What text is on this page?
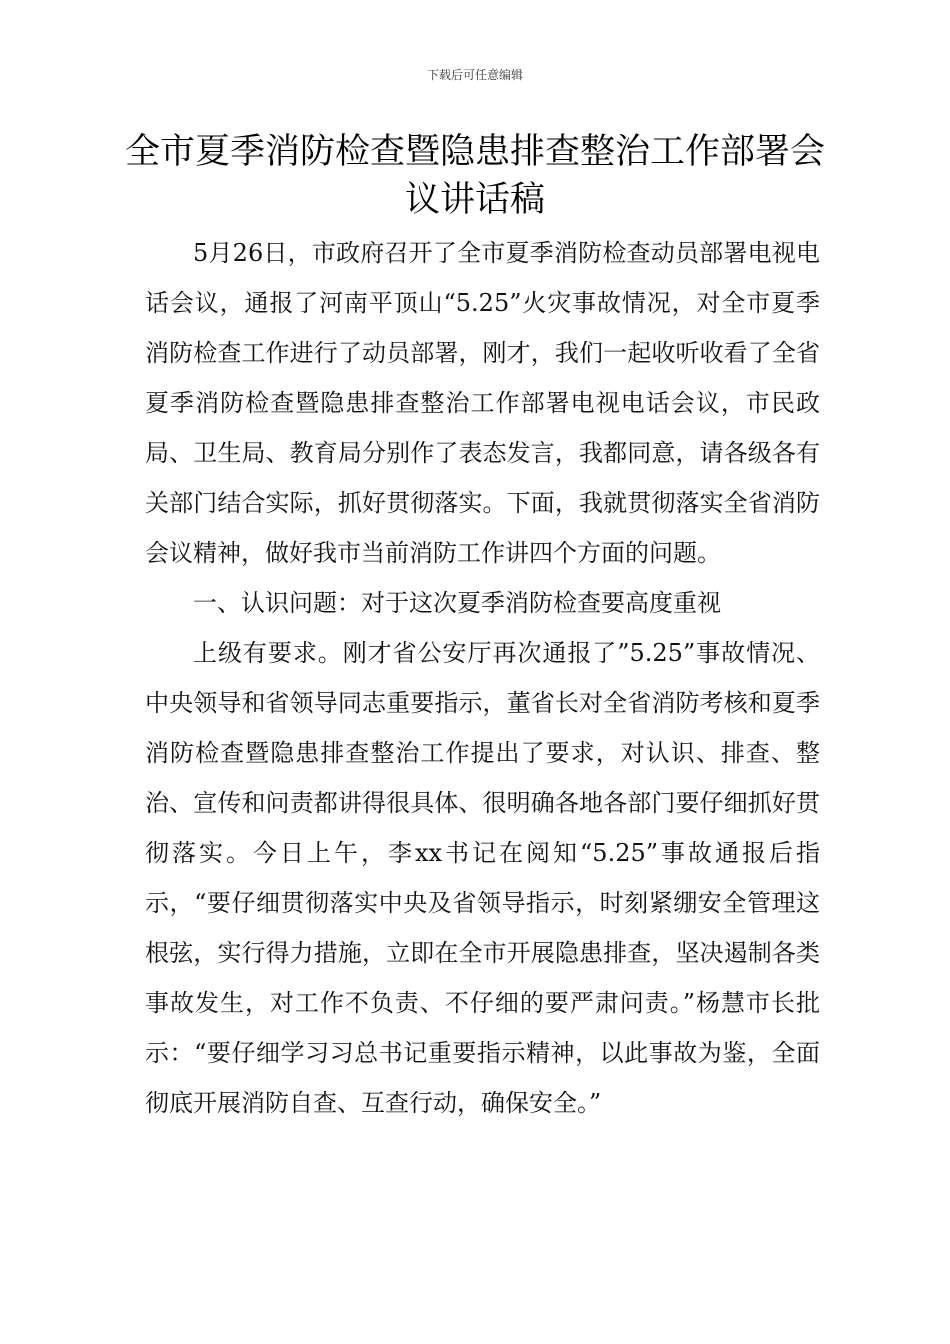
下载后可任意编辑
全市夏季消防检查暨隐患排查整治工作部署会议讲话稿

5月26日，市政府召开了全市夏季消防检查动员部署电视电话会议，通报了河南平顶山“5.25”火灾事故情况，对全市夏季消防检查工作进行了动员部署，刚才，我们一起收听收看了全省夏季消防检查暨隐患排查整治工作部署电视电话会议，市民政局、卫生局、教育局分别作了表态发言，我都同意，请各级各有关部门结合实际，抓好贯彻落实。下面，我就贯彻落实全省消防会议精神，做好我市当前消防工作讲四个方面的问题。

一、认识问题：对于这次夏季消防检查要高度重视

上级有要求。刚才省公安厅再次通报了”5.25”事故情况、中央领导和省领导同志重要指示，董省长对全省消防考核和夏季消防检查暨隐患排查整治工作提出了要求，对认识、排查、整治、宣传和问责都讲得很具体、很明确各地各部门要仔细抓好贯彻落实。今日上午，李xx书记在阅知“5.25”事故通报后指示，“要仔细贯彻落实中央及省领导指示，时刻紧绷安全管理这根弦，实行得力措施，立即在全市开展隐患排查，坚决遏制各类事故发生，对工作不负责、不仔细的要严肃问责。”杨慧市长批示：“要仔细学习习总书记重要指示精神，以此事故为鉴，全面彻底开展消防自查、互查行动，确保安全。”
